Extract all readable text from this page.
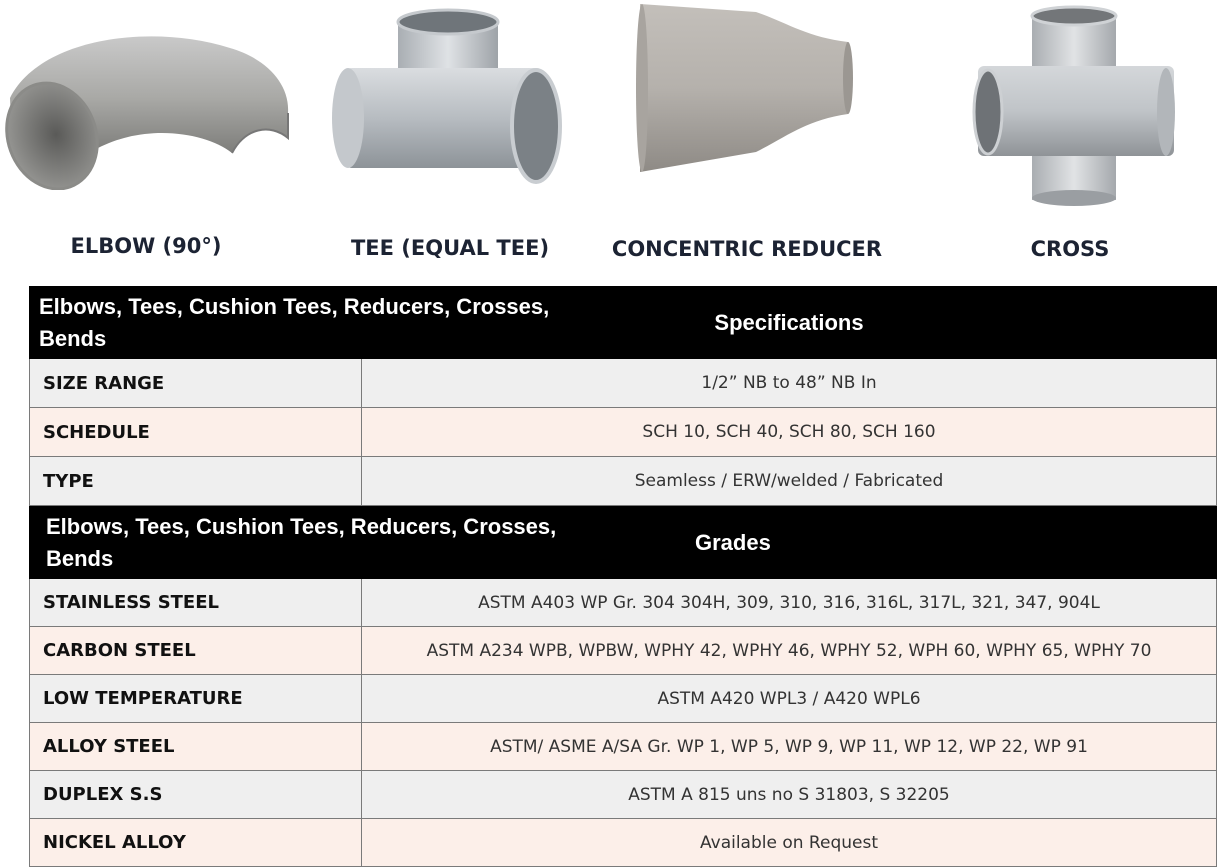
ELBOW (90°)	TEE (EQUAL TEE)	CONCENTRIC REDUCER	CROSS
Elbows, Tees, Cushion Tees, Reducers, Crosses, Bends	Specifications
SIZE RANGE	1/2” NB to 48” NB In
SCHEDULE	SCH 10, SCH 40, SCH 80, SCH 160
TYPE	Seamless / ERW/welded / Fabricated
Elbows, Tees, Cushion Tees, Reducers, Crosses, Bends	Grades
STAINLESS STEEL	ASTM A403 WP Gr. 304 304H, 309, 310, 316, 316L, 317L, 321, 347, 904L
CARBON STEEL	ASTM A234 WPB, WPBW, WPHY 42, WPHY 46, WPHY 52, WPH 60, WPHY 65, WPHY 70
LOW TEMPERATURE	ASTM A420 WPL3 / A420 WPL6
ALLOY STEEL	ASTM/ ASME A/SA Gr. WP 1, WP 5, WP 9, WP 11, WP 12, WP 22, WP 91
DUPLEX S.S	ASTM A 815 uns no S 31803, S 32205
NICKEL ALLOY	Available on Request
